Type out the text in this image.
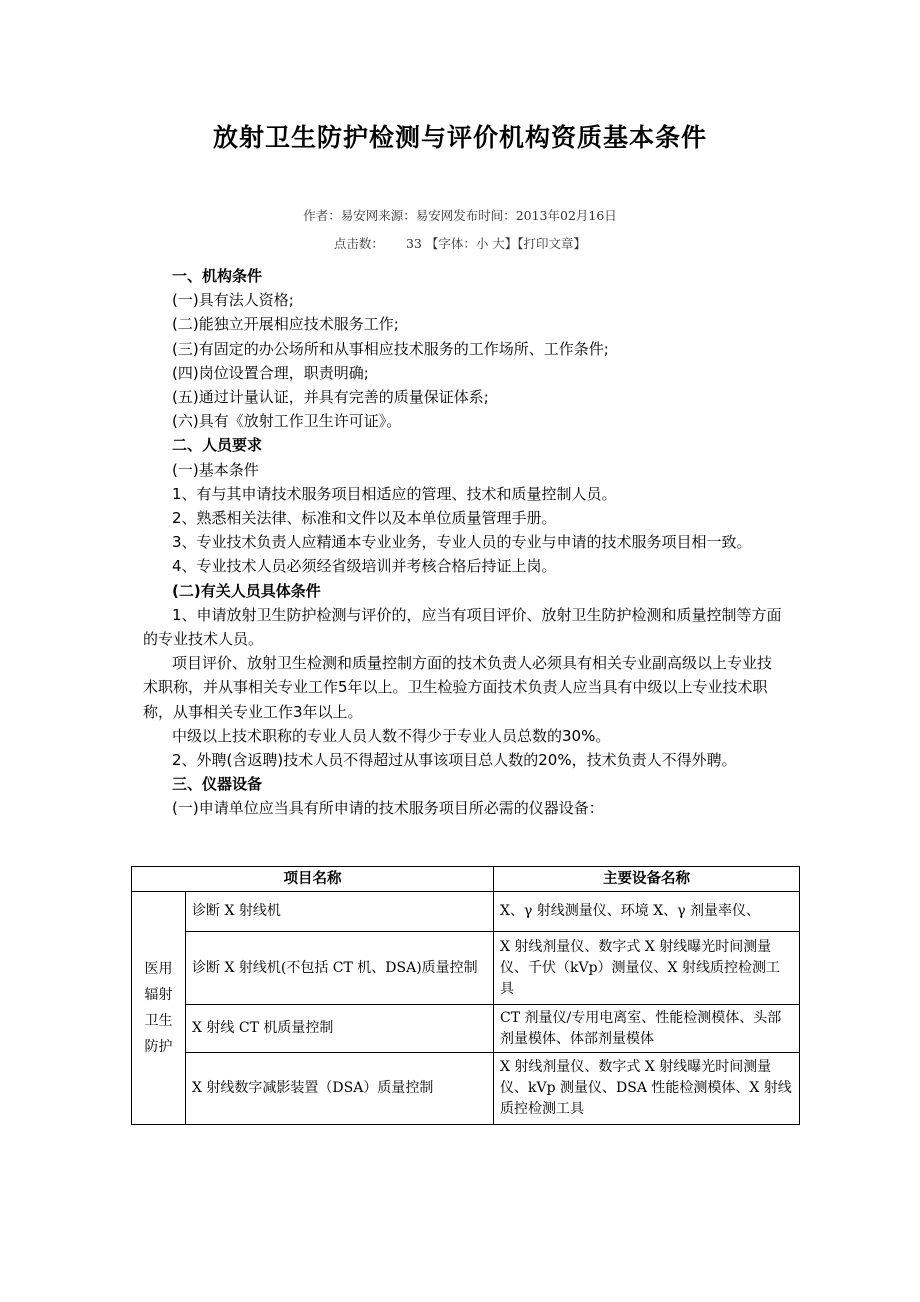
放射卫生防护检测与评价机构资质基本条件
作者：易安网来源：易安网发布时间：2013年02月16日
点击数： 33 【字体：小 大】【打印文章】

一、机构条件

(一)具有法人资格;

(二)能独立开展相应技术服务工作;

(三)有固定的办公场所和从事相应技术服务的工作场所、工作条件;

(四)岗位设置合理，职责明确;

(五)通过计量认证，并具有完善的质量保证体系;

(六)具有《放射工作卫生许可证》。

二、人员要求

(一)基本条件

1、有与其申请技术服务项目相适应的管理、技术和质量控制人员。

2、熟悉相关法律、标准和文件以及本单位质量管理手册。

3、专业技术负责人应精通本专业业务，专业人员的专业与申请的技术服务项目相一致。

4、专业技术人员必须经省级培训并考核合格后持证上岗。

(二)有关人员具体条件

1、申请放射卫生防护检测与评价的，应当有项目评价、放射卫生防护检测和质量控制等方面的专业技术人员。

项目评价、放射卫生检测和质量控制方面的技术负责人必须具有相关专业副高级以上专业技术职称，并从事相关专业工作5年以上。卫生检验方面技术负责人应当具有中级以上专业技术职称，从事相关专业工作3年以上。

中级以上技术职称的专业人员人数不得少于专业人员总数的30%。

2、外聘(含返聘)技术人员不得超过从事该项目总人数的20%，技术负责人不得外聘。

三、仪器设备

(一)申请单位应当具有所申请的技术服务项目所必需的仪器设备：

项目名称		主要设备名称

医用
辐射
卫生
防护	诊断 X 射线机	X、γ 射线测量仪、环境 X、γ 剂量率仪、
	诊断 X 射线机(不包括 CT 机、DSA)质量控制	X 射线剂量仪、数字式 X 射线曝光时间测量仪、千伏（kVp）测量仪、X 射线质控检测工具
	X 射线 CT 机质量控制	CT 剂量仪/专用电离室、性能检测模体、头部剂量模体、体部剂量模体
	X 射线数字减影装置（DSA）质量控制	X 射线剂量仪、数字式 X 射线曝光时间测量仪、kVp 测量仪、DSA 性能检测模体、X 射线质控检测工具
